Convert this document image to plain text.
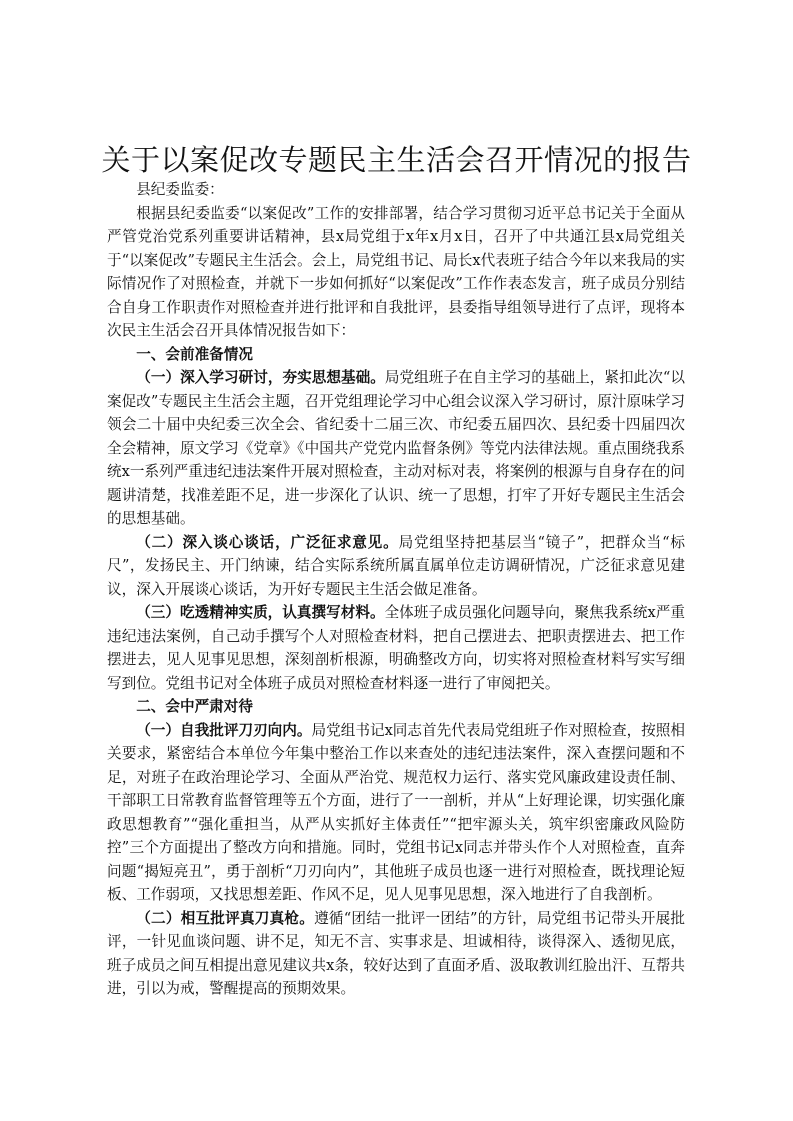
关于以案促改专题民主生活会召开情况的报告

县纪委监委：

根据县纪委监委“以案促改”工作的安排部署，结合学习贯彻习近平总书记关于全面从严管党治党系列重要讲话精神，县x局党组于x年x月x日，召开了中共通江县x局党组关于“以案促改”专题民主生活会。会上，局党组书记、局长x代表班子结合今年以来我局的实际情况作了对照检查，并就下一步如何抓好“以案促改”工作作表态发言，班子成员分别结合自身工作职责作对照检查并进行批评和自我批评，县委指导组领导进行了点评，现将本次民主生活会召开具体情况报告如下：

一、会前准备情况

（一）深入学习研讨，夯实思想基础。局党组班子在自主学习的基础上，紧扣此次“以案促改”专题民主生活会主题，召开党组理论学习中心组会议深入学习研讨，原汁原味学习领会二十届中央纪委三次全会、省纪委十二届三次、市纪委五届四次、县纪委十四届四次全会精神，原文学习《党章》《中国共产党党内监督条例》等党内法律法规。重点围绕我系统x一系列严重违纪违法案件开展对照检查，主动对标对表，将案例的根源与自身存在的问题讲清楚，找准差距不足，进一步深化了认识、统一了思想，打牢了开好专题民主生活会的思想基础。

（二）深入谈心谈话，广泛征求意见。局党组坚持把基层当“镜子”，把群众当“标尺”，发扬民主、开门纳谏，结合实际系统所属直属单位走访调研情况，广泛征求意见建议，深入开展谈心谈话，为开好专题民主生活会做足准备。

（三）吃透精神实质，认真撰写材料。全体班子成员强化问题导向，聚焦我系统x严重违纪违法案例，自己动手撰写个人对照检查材料，把自己摆进去、把职责摆进去、把工作摆进去，见人见事见思想，深刻剖析根源，明确整改方向，切实将对照检查材料写实写细写到位。党组书记对全体班子成员对照检查材料逐一进行了审阅把关。

二、会中严肃对待

（一）自我批评刀刃向内。局党组书记x同志首先代表局党组班子作对照检查，按照相关要求，紧密结合本单位今年集中整治工作以来查处的违纪违法案件，深入查摆问题和不足，对班子在政治理论学习、全面从严治党、规范权力运行、落实党风廉政建设责任制、干部职工日常教育监督管理等五个方面，进行了一一剖析，并从“上好理论课，切实强化廉政思想教育”“强化重担当，从严从实抓好主体责任”“把牢源头关，筑牢织密廉政风险防控”三个方面提出了整改方向和措施。同时，党组书记x同志并带头作个人对照检查，直奔问题“揭短亮丑”，勇于剖析“刀刃向内”，其他班子成员也逐一进行对照检查，既找理论短板、工作弱项，又找思想差距、作风不足，见人见事见思想，深入地进行了自我剖析。

（二）相互批评真刀真枪。遵循“团结一批评一团结”的方针，局党组书记带头开展批评，一针见血谈问题、讲不足，知无不言、实事求是、坦诚相待，谈得深入、透彻见底，班子成员之间互相提出意见建议共x条，较好达到了直面矛盾、汲取教训红脸出汗、互帮共进，引以为戒，警醒提高的预期效果。
